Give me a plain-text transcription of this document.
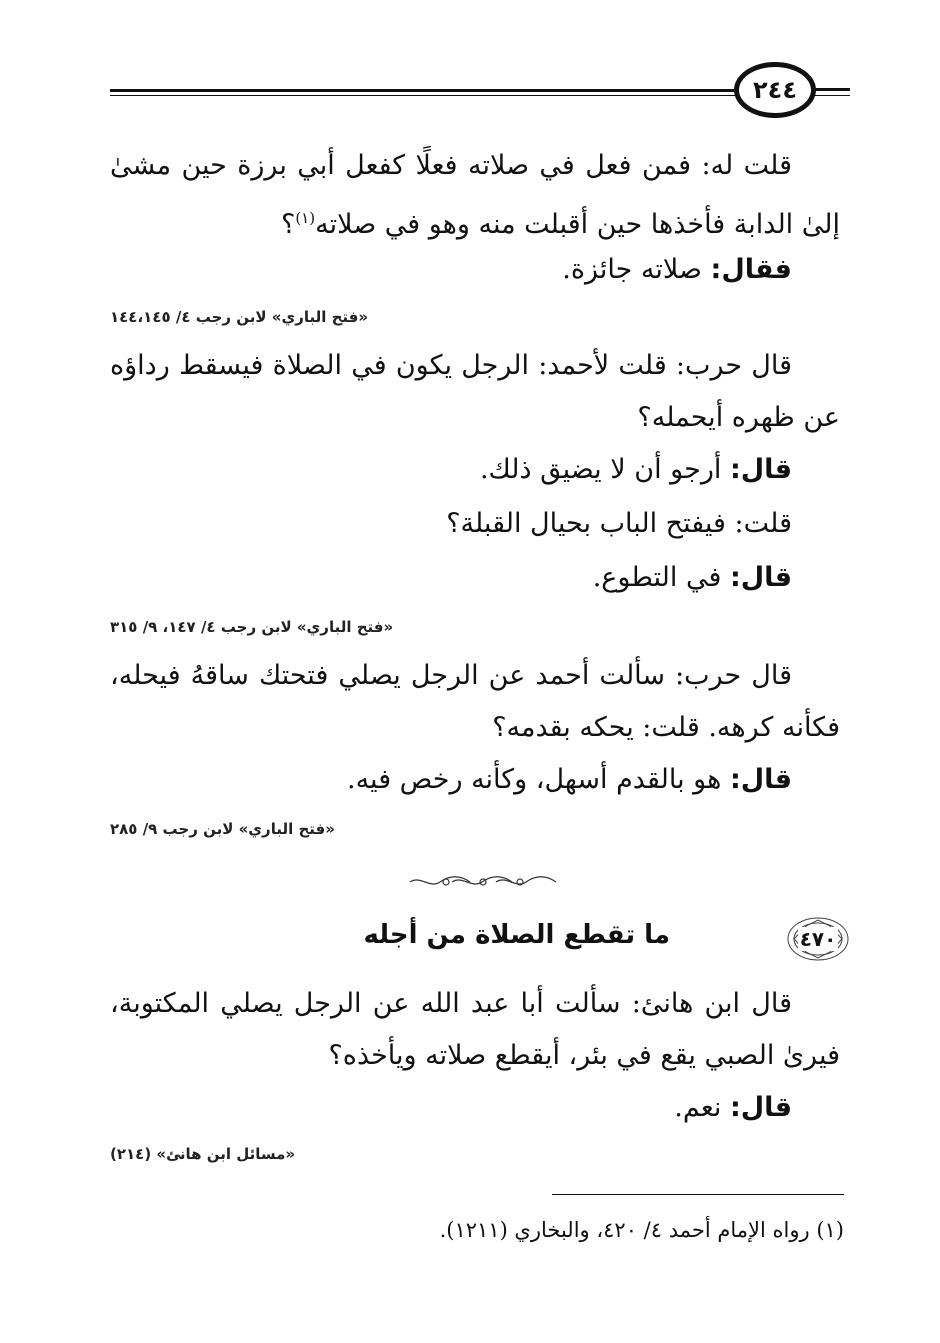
٢٤٤
قلت له: فمن فعل في صلاته فعلًا كفعل أبي برزة حين مشىٰ إلىٰ الدابة فأخذها حين أقبلت منه وهو في صلاته$^{(١)}$؟
فقال: صلاته جائزة.
«فتح الباري» لابن رجب ٤/ ١٤٤،١٤٥
قال حرب: قلت لأحمد: الرجل يكون في الصلاة فيسقط رداؤه عن ظهره أيحمله؟
قال: أرجو أن لا يضيق ذلك.
قلت: فيفتح الباب بحيال القبلة؟
قال: في التطوع.
«فتح الباري» لابن رجب ٤/ ١٤٧، ٩/ ٣١٥
قال حرب: سألت أحمد عن الرجل يصلي فتحتك ساقهُ فيحله، فكأنه كرهه. قلت: يحكه بقدمه؟
قال: هو بالقدم أسهل، وكأنه رخص فيه.
«فتح الباري» لابن رجب ٩/ ٢٨٥
٤٧٠
ما تقطع الصلاة من أجله
قال ابن هانئ: سألت أبا عبد الله عن الرجل يصلي المكتوبة، فيرىٰ الصبي يقع في بئر، أيقطع صلاته ويأخذه؟
قال: نعم.
«مسائل ابن هانئ» (٢١٤)
(١) رواه الإمام أحمد ٤/ ٤٢٠، والبخاري (١٢١١).
